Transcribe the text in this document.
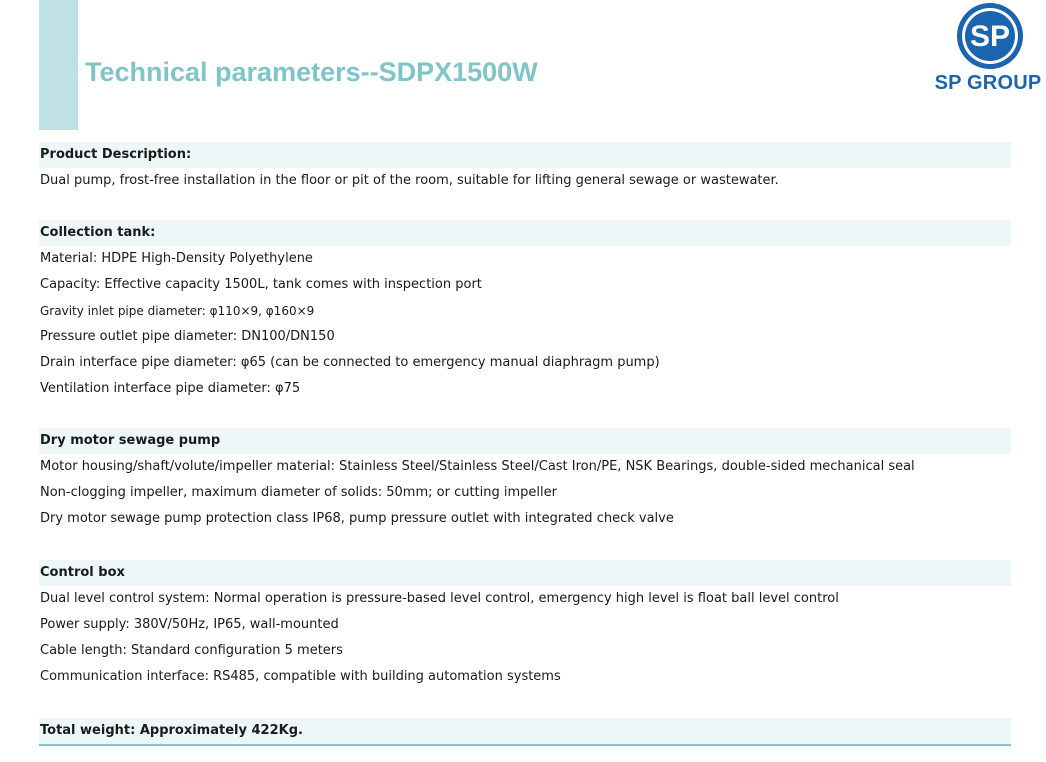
Technical parameters--SDPX1500W
SP
SP GROUP
Product Description:
Dual pump, frost-free installation in the floor or pit of the room, suitable for lifting general sewage or wastewater.
Collection tank:
Material: HDPE High-Density Polyethylene
Capacity: Effective capacity 1500L, tank comes with inspection port
Gravity inlet pipe diameter: φ110×9, φ160×9
Pressure outlet pipe diameter: DN100/DN150
Drain interface pipe diameter: φ65 (can be connected to emergency manual diaphragm pump)
Ventilation interface pipe diameter: φ75
Dry motor sewage pump
Motor housing/shaft/volute/impeller material: Stainless Steel/Stainless Steel/Cast Iron/PE, NSK Bearings, double-sided mechanical seal
Non-clogging impeller, maximum diameter of solids: 50mm; or cutting impeller
Dry motor sewage pump protection class IP68, pump pressure outlet with integrated check valve
Control box
Dual level control system: Normal operation is pressure-based level control, emergency high level is float ball level control
Power supply: 380V/50Hz, IP65, wall-mounted
Cable length: Standard configuration 5 meters
Communication interface: RS485, compatible with building automation systems
Total weight: Approximately 422Kg.
